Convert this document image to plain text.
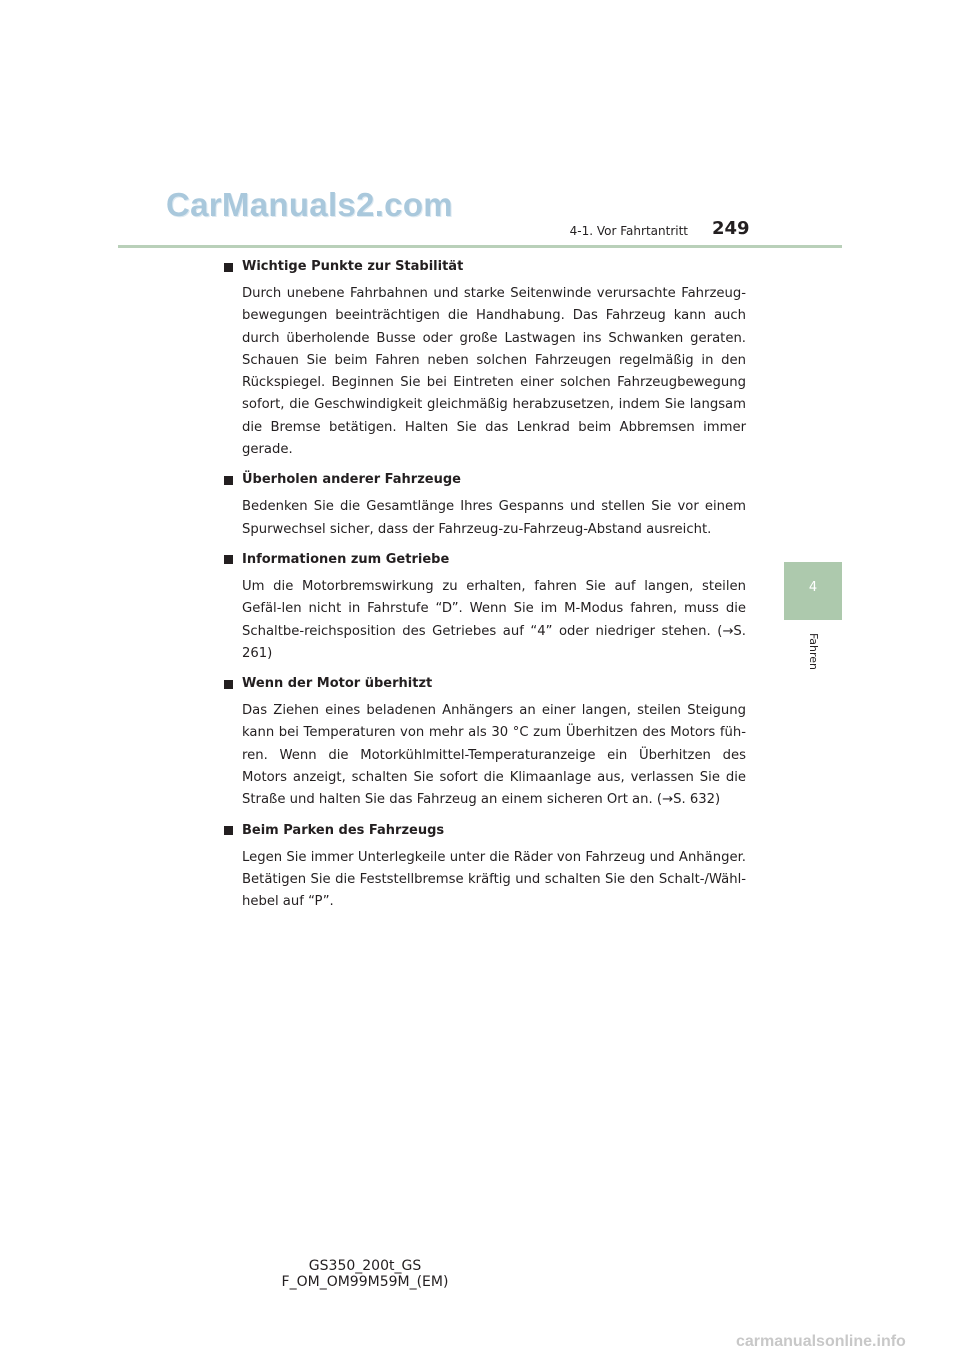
CarManuals2.com
4-1. Vor Fahrtantritt 249
4
Fahren
Wichtige Punkte zur Stabilität
Durch unebene Fahrbahnen und starke Seitenwinde verursachte Fahrzeug-bewegungen beeinträchtigen die Handhabung. Das Fahrzeug kann auch durch überholende Busse oder große Lastwagen ins Schwanken geraten. Schauen Sie beim Fahren neben solchen Fahrzeugen regelmäßig in den Rückspiegel. Beginnen Sie bei Eintreten einer solchen Fahrzeugbewegung sofort, die Geschwindigkeit gleichmäßig herabzusetzen, indem Sie langsam die Bremse betätigen. Halten Sie das Lenkrad beim Abbremsen immer gerade.
Überholen anderer Fahrzeuge
Bedenken Sie die Gesamtlänge Ihres Gespanns und stellen Sie vor einem Spurwechsel sicher, dass der Fahrzeug-zu-Fahrzeug-Abstand ausreicht.
Informationen zum Getriebe
Um die Motorbremswirkung zu erhalten, fahren Sie auf langen, steilen Gefäl-len nicht in Fahrstufe “D”. Wenn Sie im M-Modus fahren, muss die Schaltbe-reichsposition des Getriebes auf “4” oder niedriger stehen. (→S. 261)
Wenn der Motor überhitzt
Das Ziehen eines beladenen Anhängers an einer langen, steilen Steigung kann bei Temperaturen von mehr als 30 °C zum Überhitzen des Motors füh-ren. Wenn die Motorkühlmittel-Temperaturanzeige ein Überhitzen des Motors anzeigt, schalten Sie sofort die Klimaanlage aus, verlassen Sie die Straße und halten Sie das Fahrzeug an einem sicheren Ort an. (→S. 632)
Beim Parken des Fahrzeugs
Legen Sie immer Unterlegkeile unter die Räder von Fahrzeug und Anhänger. Betätigen Sie die Feststellbremse kräftig und schalten Sie den Schalt-/Wähl-hebel auf “P”.
GS350_200t_GS F_OM_OM99M59M_(EM)
carmanualsonline.info
